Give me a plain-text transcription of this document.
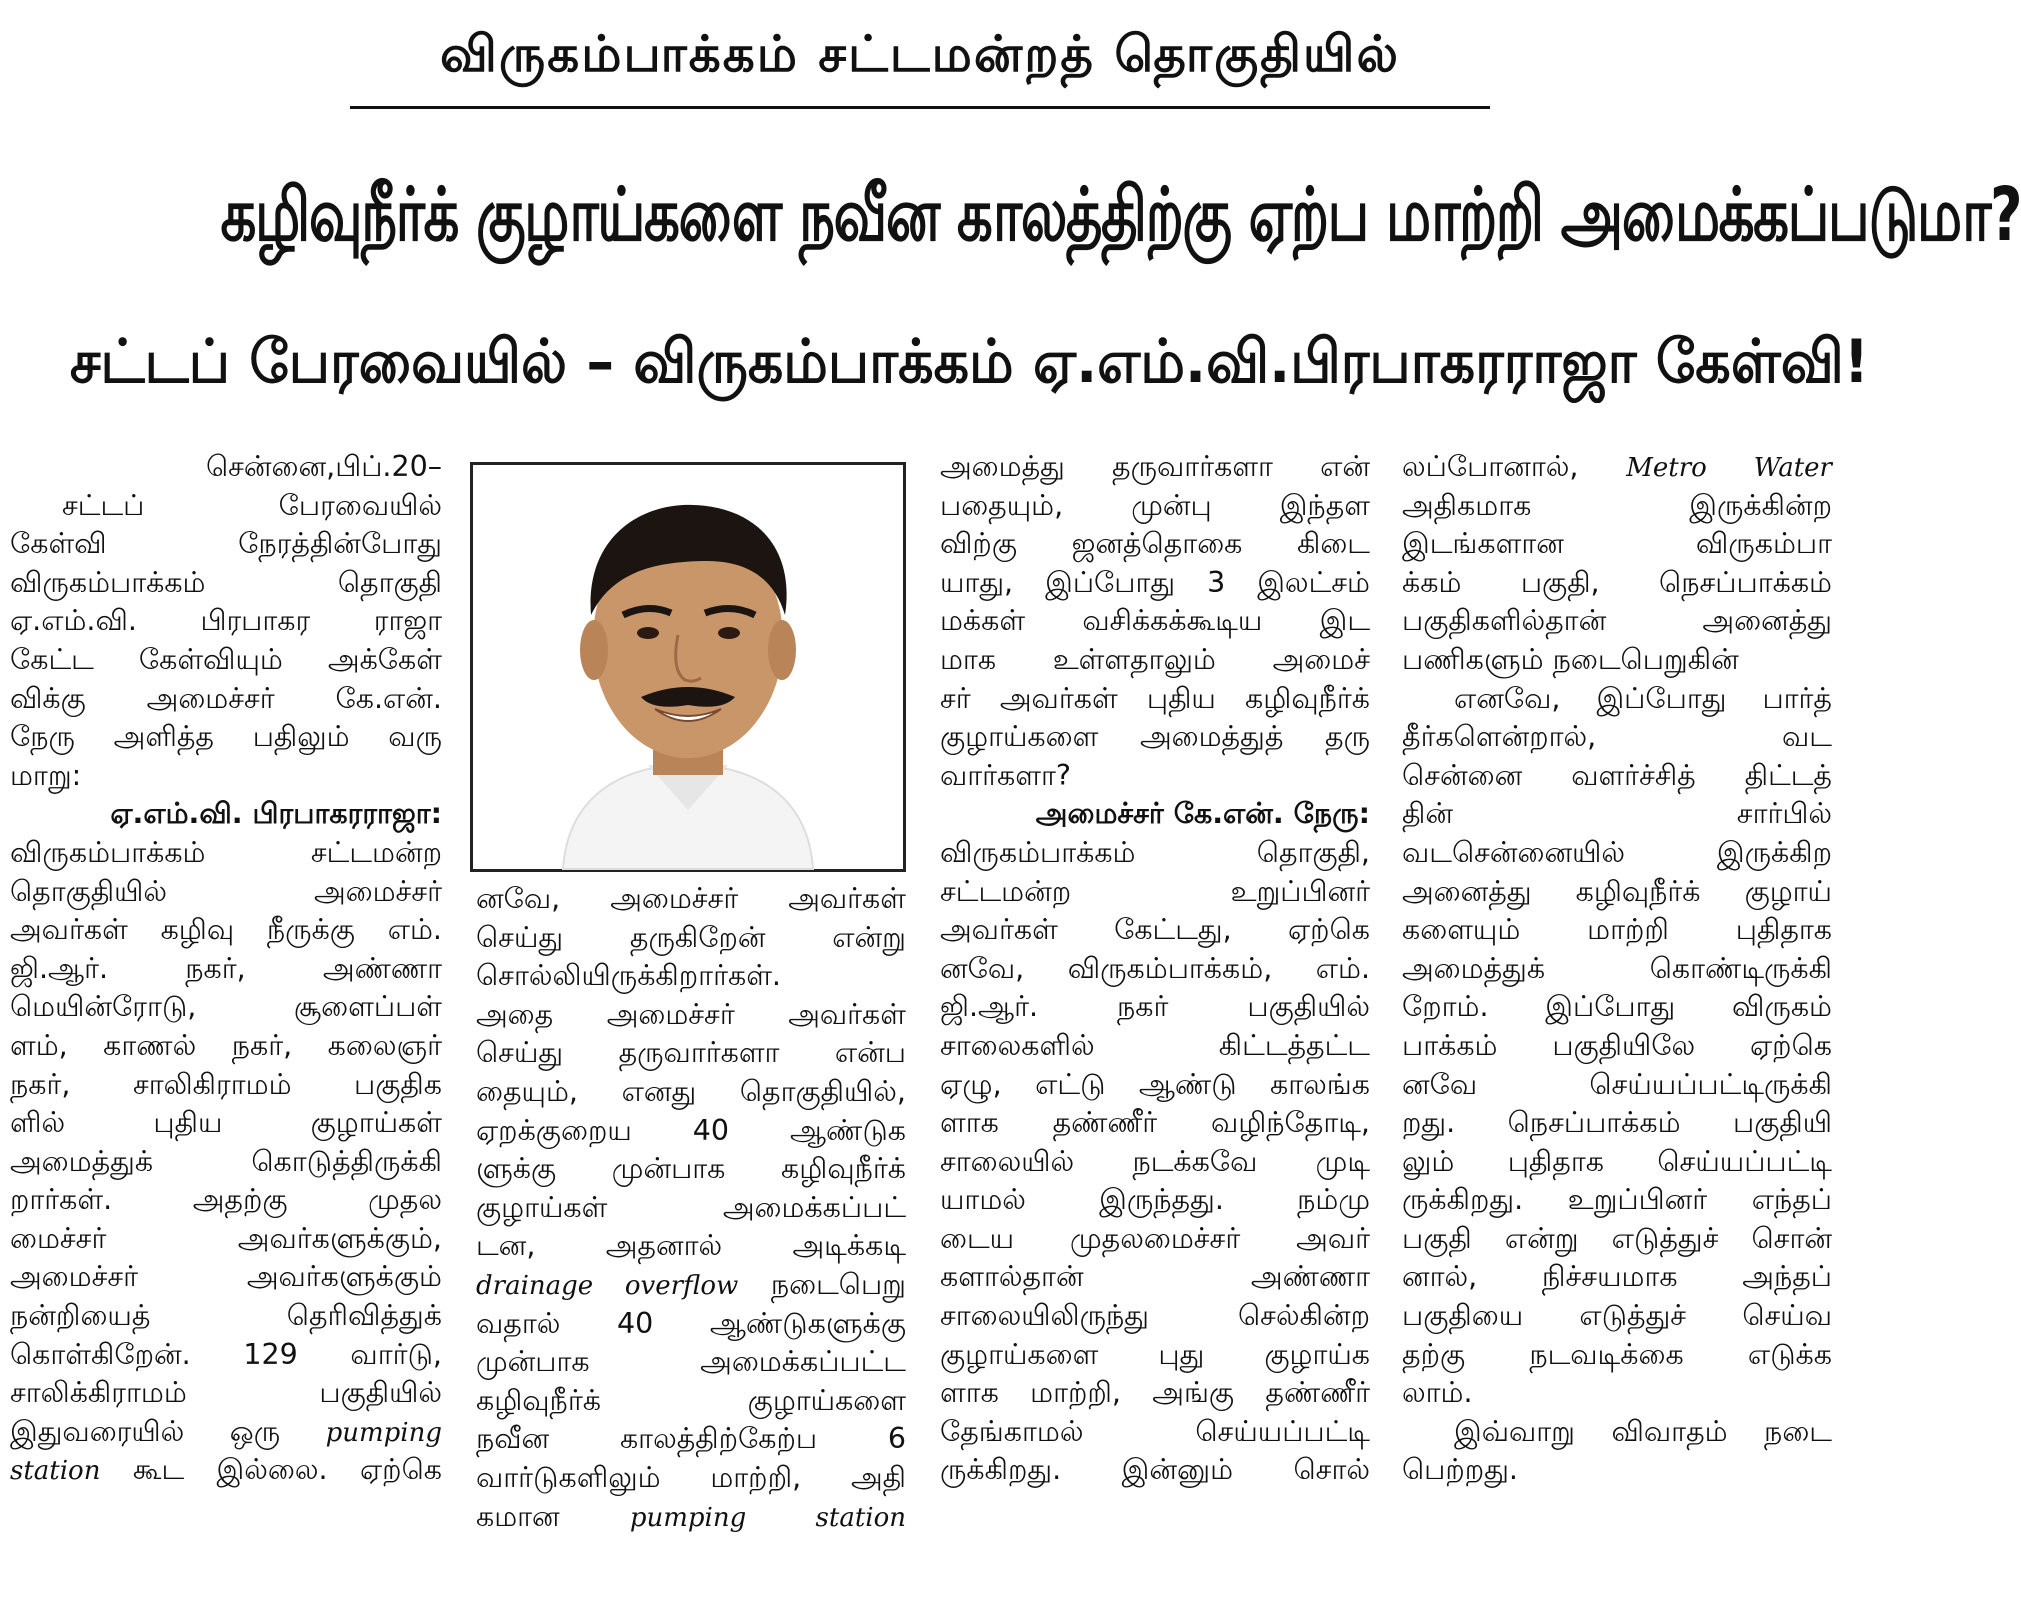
விருகம்பாக்கம் சட்டமன்றத் தொகுதியில்
கழிவுநீர்க் குழாய்களை நவீன காலத்திற்கு ஏற்ப மாற்றி அமைக்கப்படுமா?
சட்டப் பேரவையில் – விருகம்பாக்கம் ஏ.எம்.வி.பிரபாகரராஜா கேள்வி!
சென்னை,பிப்.20–
சட்டப் பேரவையில்
கேள்வி நேரத்தின்போது
விருகம்பாக்கம் தொகுதி
ஏ.எம்.வி. பிரபாகர ராஜா
கேட்ட கேள்வியும் அக்கேள்
விக்கு அமைச்சர் கே.என்.
நேரு அளித்த பதிலும் வரு
மாறு:
ஏ.எம்.வி. பிரபாகரராஜா:
விருகம்பாக்கம் சட்டமன்ற
தொகுதியில் அமைச்சர்
அவர்கள் கழிவு நீருக்கு எம்.
ஜி.ஆர். நகர், அண்ணா
மெயின்ரோடு, சூளைப்பள்
ளம், காணல் நகர், கலைஞர்
நகர், சாலிகிராமம் பகுதிக
ளில் புதிய குழாய்கள்
அமைத்துக் கொடுத்திருக்கி
றார்கள். அதற்கு முதல
மைச்சர் அவர்களுக்கும்,
அமைச்சர் அவர்களுக்கும்
நன்றியைத் தெரிவித்துக்
கொள்கிறேன். 129 வார்டு,
சாலிக்கிராமம் பகுதியில்
இதுவரையில் ஒரு pumping
station கூட இல்லை. ஏற்கெ
னவே, அமைச்சர் அவர்கள்
செய்து தருகிறேன் என்று
சொல்லியிருக்கிறார்கள்.
அதை அமைச்சர் அவர்கள்
செய்து தருவார்களா என்ப
தையும், எனது தொகுதியில்,
ஏறக்குறைய 40 ஆண்டுக
ளுக்கு முன்பாக கழிவுநீர்க்
குழாய்கள் அமைக்கப்பட்
டன, அதனால் அடிக்கடி
drainage overflow நடைபெறு
வதால் 40 ஆண்டுகளுக்கு
முன்பாக அமைக்கப்பட்ட
கழிவுநீர்க் குழாய்களை
நவீன காலத்திற்கேற்ப 6
வார்டுகளிலும் மாற்றி, அதி
கமான	pumping station
அமைத்து தருவார்களா என்
பதையும், முன்பு இந்தள
விற்கு ஜனத்தொகை கிடை
யாது, இப்போது 3 இலட்சம்
மக்கள் வசிக்கக்கூடிய இட
மாக உள்ளதாலும் அமைச்
சர் அவர்கள் புதிய கழிவுநீர்க்
குழாய்களை அமைத்துத் தரு
வார்களா?
அமைச்சர் கே.என். நேரு:
விருகம்பாக்கம் தொகுதி,
சட்டமன்ற உறுப்பினர்
அவர்கள் கேட்டது, ஏற்கெ
னவே, விருகம்பாக்கம், எம்.
ஜி.ஆர். நகர் பகுதியில்
சாலைகளில் கிட்டத்தட்ட
ஏழு, எட்டு ஆண்டு காலங்க
ளாக தண்ணீர் வழிந்தோடி,
சாலையில் நடக்கவே முடி
யாமல் இருந்தது. நம்மு
டைய முதலமைச்சர் அவர்
களால்தான் அண்ணா
சாலையிலிருந்து செல்கின்ற
குழாய்களை புது குழாய்க
ளாக மாற்றி, அங்கு தண்ணீர்
தேங்காமல் செய்யப்பட்டி
ருக்கிறது. இன்னும் சொல்
லப்போனால், Metro Water
அதிகமாக இருக்கின்ற
இடங்களான விருகம்பா
க்கம் பகுதி, நெசப்பாக்கம்
பகுதிகளில்தான் அனைத்து
பணிகளும் நடைபெறுகின்
எனவே, இப்போது பார்த்
தீர்களென்றால், வட
சென்னை வளர்ச்சித் திட்டத்
தின் சார்பில்
வடசென்னையில் இருக்கிற
அனைத்து கழிவுநீர்க் குழாய்
களையும் மாற்றி புதிதாக
அமைத்துக் கொண்டிருக்கி
றோம். இப்போது விருகம்
பாக்கம் பகுதியிலே ஏற்கெ
னவே செய்யப்பட்டிருக்கி
றது. நெசப்பாக்கம் பகுதியி
லும் புதிதாக செய்யப்பட்டி
ருக்கிறது. உறுப்பினர் எந்தப்
பகுதி என்று எடுத்துச் சொன்
னால், நிச்சயமாக அந்தப்
பகுதியை எடுத்துச் செய்வ
தற்கு நடவடிக்கை எடுக்க
லாம்.
இவ்வாறு விவாதம் நடை
பெற்றது.
